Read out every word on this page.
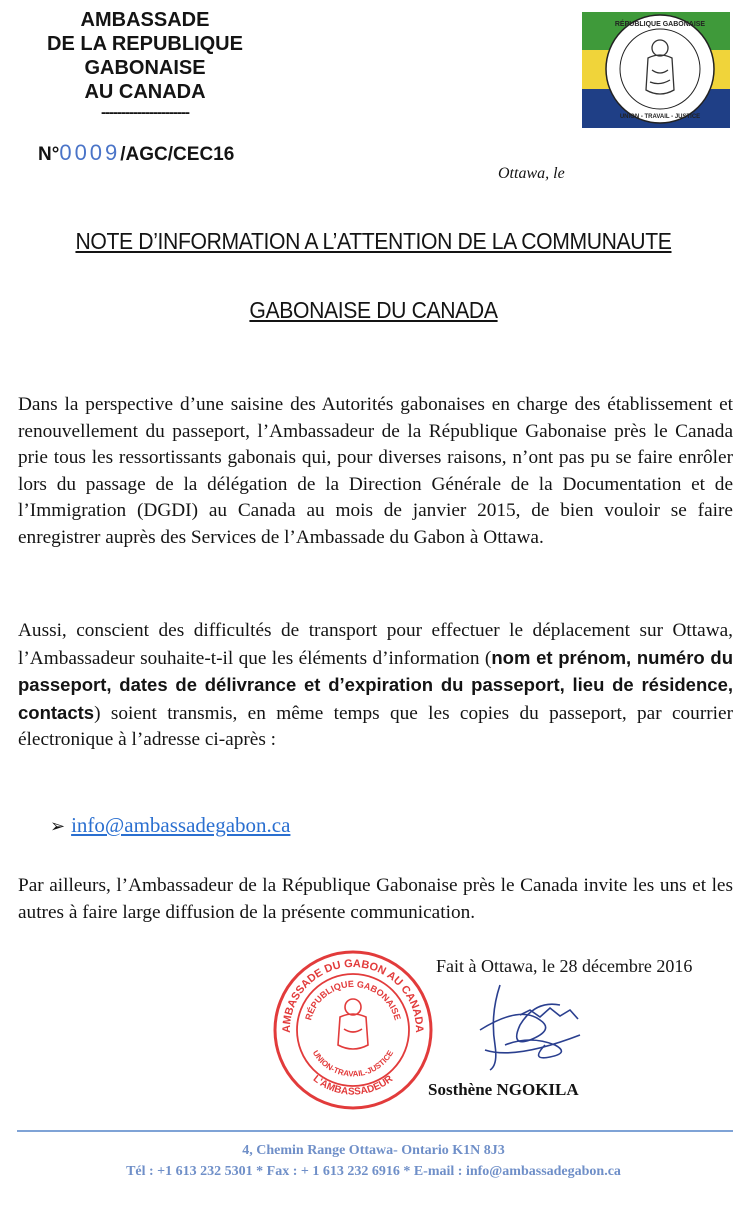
AMBASSADE
DE LA REPUBLIQUE GABONAISE
AU CANADA
----------------------
N°0009/AGC/CEC16
RÉPUBLIQUE GABONAISE
UNION - TRAVAIL - JUSTICE
Ottawa, le
NOTE D’INFORMATION A L’ATTENTION DE LA COMMUNAUTE
GABONAISE DU CANADA
Dans la perspective d’une saisine des Autorités gabonaises en charge des établissement et renouvellement du passeport, l’Ambassadeur de la République Gabonaise près le Canada prie tous les ressortissants gabonais qui, pour diverses raisons, n’ont pas pu se faire enrôler lors du passage de la délégation de la Direction Générale de la Documentation et de l’Immigration (DGDI) au Canada au mois de janvier 2015, de bien vouloir se faire enregistrer auprès des Services de l’Ambassade du Gabon à Ottawa.
Aussi, conscient des difficultés de transport pour effectuer le déplacement sur Ottawa, l’Ambassadeur souhaite-t-il que les éléments d’information (nom et prénom, numéro du passeport, dates de délivrance et d’expiration du passeport, lieu de résidence, contacts) soient transmis, en même temps que les copies du passeport, par courrier électronique à l’adresse ci-après :
➢ info@ambassadegabon.ca
Par ailleurs, l’Ambassadeur de la République Gabonaise près le Canada invite les uns et les autres à faire large diffusion de la présente communication.
Fait à Ottawa, le 28 décembre 2016
AMBASSADE DU GABON AU CANADA
RÉPUBLIQUE GABONAISE
UNION-TRAVAIL-JUSTICE
L'AMBASSADEUR Sosthène NGOKILA
4, Chemin Range Ottawa- Ontario K1N 8J3
Tél : +1 613 232 5301 * Fax : + 1 613 232 6916 * E-mail : info@ambassadegabon.ca
